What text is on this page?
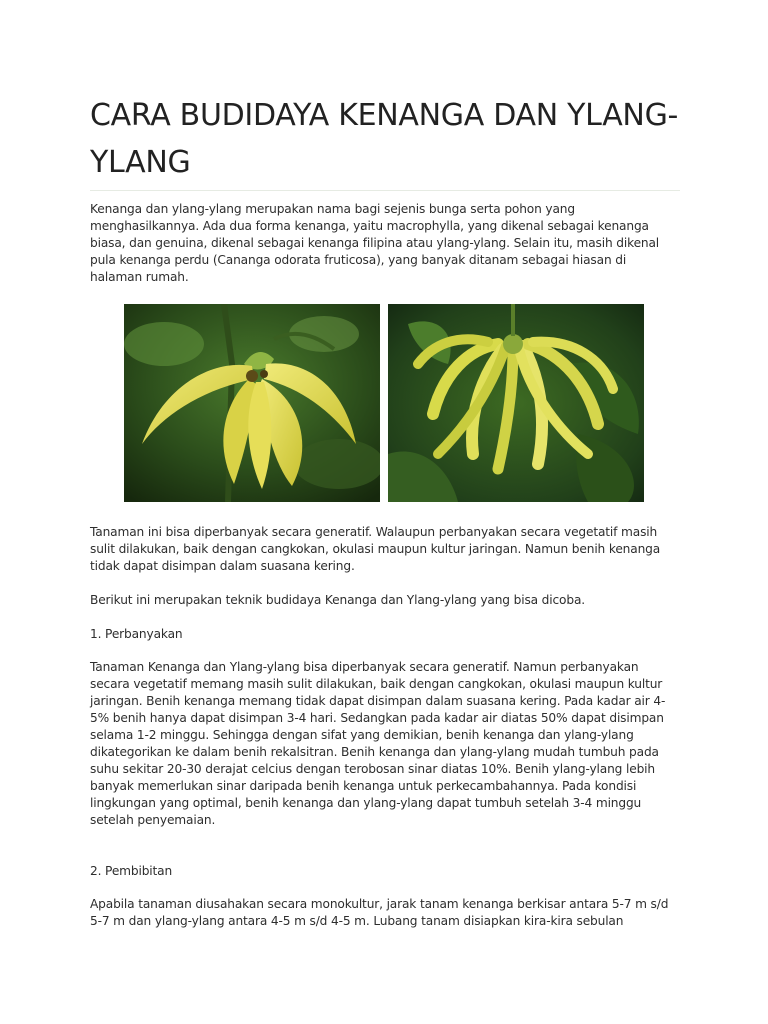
CARA BUDIDAYA KENANGA DAN YLANG-YLANG

Kenanga dan ylang-ylang merupakan nama bagi sejenis bunga serta pohon yang menghasilkannya. Ada dua forma kenanga, yaitu macrophylla, yang dikenal sebagai kenanga biasa, dan genuina, dikenal sebagai kenanga filipina atau ylang-ylang. Selain itu, masih dikenal pula kenanga perdu (Cananga odorata fruticosa), yang banyak ditanam sebagai hiasan di halaman rumah.

Tanaman ini bisa diperbanyak secara generatif. Walaupun perbanyakan secara vegetatif masih sulit dilakukan, baik dengan cangkokan, okulasi maupun kultur jaringan. Namun benih kenanga tidak dapat disimpan dalam suasana kering.

Berikut ini merupakan teknik budidaya Kenanga dan Ylang-ylang yang bisa dicoba.

1. Perbanyakan

Tanaman Kenanga dan Ylang-ylang bisa diperbanyak secara generatif. Namun perbanyakan secara vegetatif memang masih sulit dilakukan, baik dengan cangkokan, okulasi maupun kultur jaringan. Benih kenanga memang tidak dapat disimpan dalam suasana kering. Pada kadar air 4-5% benih hanya dapat disimpan 3-4 hari. Sedangkan pada kadar air diatas 50% dapat disimpan selama 1-2 minggu. Sehingga dengan sifat yang demikian, benih kenanga dan ylang-ylang dikategorikan ke dalam benih rekalsitran. Benih kenanga dan ylang-ylang mudah tumbuh pada suhu sekitar 20-30 derajat celcius dengan terobosan sinar diatas 10%. Benih ylang-ylang lebih banyak memerlukan sinar daripada benih kenanga untuk perkecambahannya. Pada kondisi lingkungan yang optimal, benih kenanga dan ylang-ylang dapat tumbuh setelah 3-4 minggu setelah penyemaian.

2. Pembibitan

Apabila tanaman diusahakan secara monokultur, jarak tanam kenanga berkisar antara 5-7 m s/d 5-7 m dan ylang-ylang antara 4-5 m s/d 4-5 m. Lubang tanam disiapkan kira-kira sebulan
